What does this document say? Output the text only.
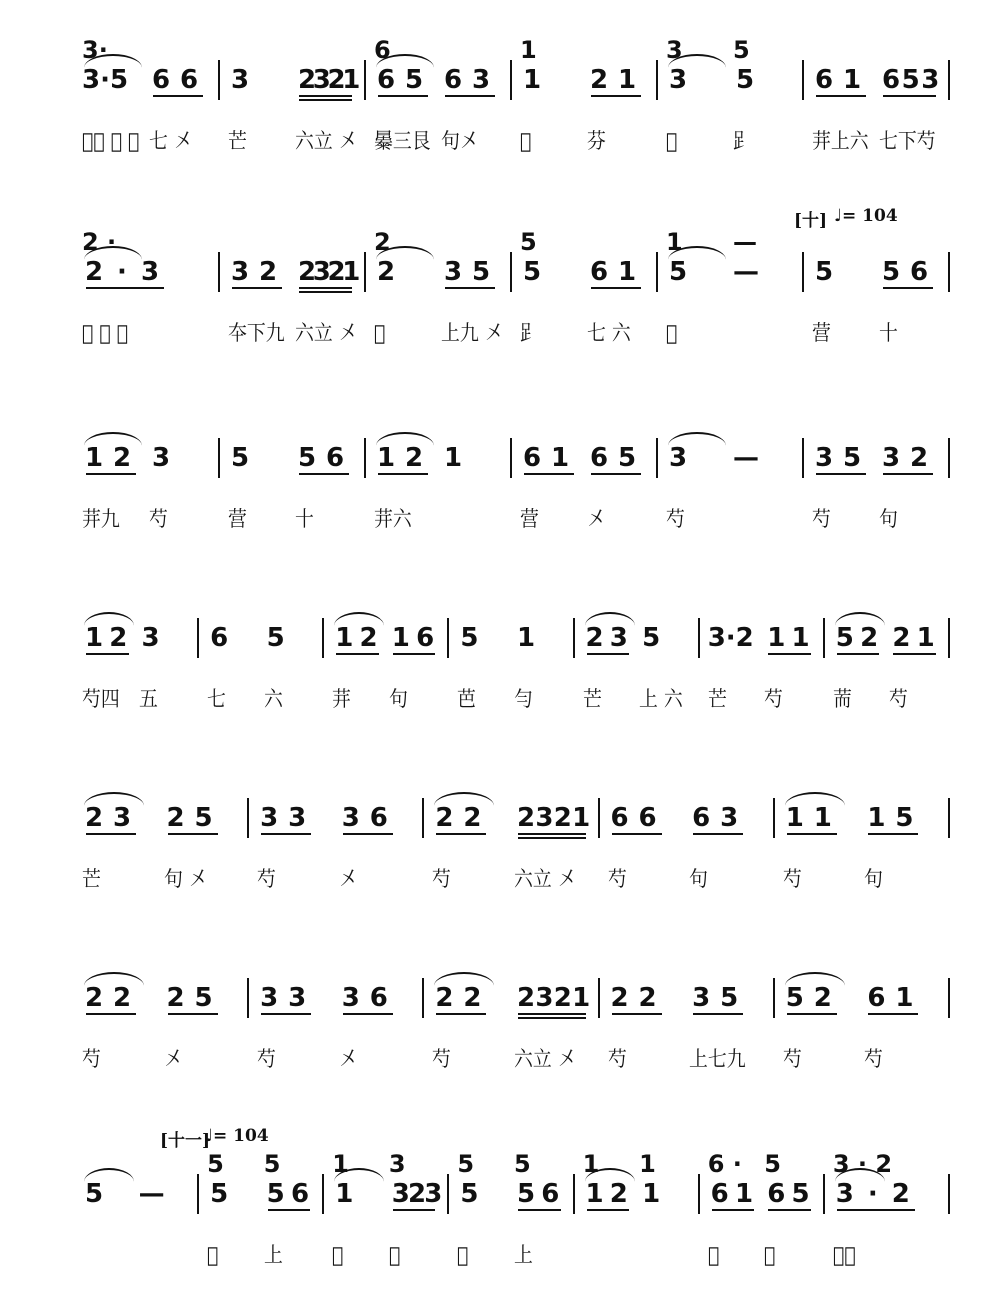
3·5
3·
𡆄上 七 尖
6 6
七 㐅
3
芒
2
3
2
1
六立 㐅
6 5
6
㬥三艮
6 3
句㐅
1
1
𡆄
2 1
芬
3
3
𡆄
5
5
𧾷
6 1
茾上六
6 5 3
七下芍
2 · 3
2 ·
𡆄 上 七
3 2
夲下九
2
3
2
1
六立 㐅
2
2
𡆄
3 5
上九 㐅
5
5
𧾷
6 1
七 六
5
1
𡆄
—
—
[十] ♩= 104
5
营
5 6
十
1 2
茾九
3
芍
5
营
5 6
十
1 2
茾六
1 6 1
营
6 5
㐅
3
芍
— 3 5
芍
3 2
句
1 2
芍四
3
五
6
七
5
六
1 2
茾
1 6
句
5
芭
1
勻
2 3
芒
5
上 六
3·2
芒
1 1
芍
5 2
荋
2 1
芍
2 3
芒
2 5
句 㐅
3 3
芍
3 6
㐅
2 2
芍
2 3 2 1
六立 㐅
6 6
芍
6 3
句
1 1
芍
1 5
句
2 2
芍
2 5
㐅
3 3
芍
3 6
㐅
2 2
芍
2 3 2 1
六立 㐅
2 2
芍
3 5
上七九
5 2
芍
6 1
芍
[十一]
♩= 104
5 — 5
5
𡆄
5 6
5
上
1
1
𡆄
3
2
3
3
𡆄
5
5
𡆄
5 6
5
上
1 2
1
1
1
6 1
6 ·
𡆄
6 5
5
𡆄
3 · 2
3 · 2
𡆄𡆄
